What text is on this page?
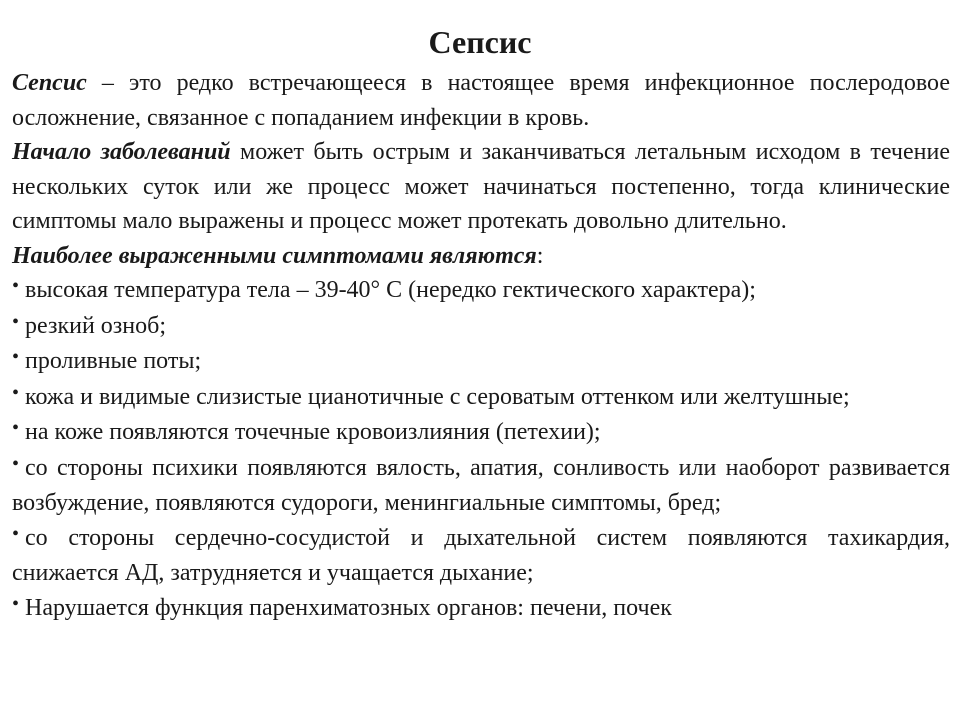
Сепсис

Сепсис – это редко встречающееся в настоящее время инфекционное послеродовое осложнение, связанное с попаданием инфекции в кровь.

Начало заболеваний может быть острым и заканчиваться летальным исходом в течение нескольких суток или же процесс может начинаться постепенно, тогда клинические симптомы мало выражены и процесс может протекать довольно длительно.

Наиболее выраженными симптомами являются:

• высокая температура тела – 39-40° С (нередко гектического характера);

• резкий озноб;

• проливные поты;

• кожа и видимые слизистые цианотичные с сероватым оттенком или желтушные;

• на коже появляются точечные кровоизлияния (петехии);

• со стороны психики появляются вялость, апатия, сонливость или наоборот развивается возбуждение, появляются судороги, менингиальные симптомы, бред;

• со стороны сердечно-сосудистой и дыхательной систем появляются тахикардия, снижается АД, затрудняется и учащается дыхание;

• Нарушается функция паренхиматозных органов: печени, почек
